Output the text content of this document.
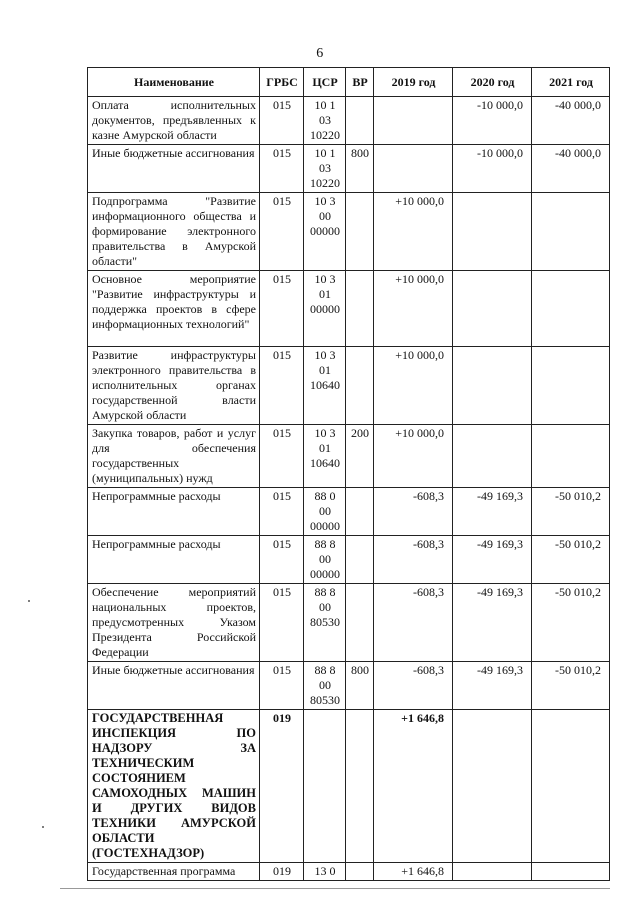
6
Наименование	ГРБС	ЦСР	ВР	2019 год	2020 год	2021 год
Оплата исполнительных документов, предъявленных к казне Амурской области	015	10 1 03 10220			-10 000,0	-40 000,0
Иные бюджетные ассигнования	015	10 1 03 10220	800		-10 000,0	-40 000,0
Подпрограмма "Развитие информационного общества и формирование электронного правительства в Амурской области"	015	10 3 00 00000		+10 000,0		
Основное мероприятие "Развитие инфраструктуры и поддержка проектов в сфере информационных технологий"	015	10 3 01 00000		+10 000,0		
Развитие инфраструктуры электронного правительства в исполнительных органах государственной власти Амурской области	015	10 3 01 10640		+10 000,0		
Закупка товаров, работ и услуг для обеспечения государственных (муниципальных) нужд	015	10 3 01 10640	200	+10 000,0		
Непрограммные расходы	015	88 0 00 00000		-608,3	-49 169,3	-50 010,2
Непрограммные расходы	015	88 8 00 00000		-608,3	-49 169,3	-50 010,2
Обеспечение мероприятий национальных проектов, предусмотренных Указом Президента Российской Федерации	015	88 8 00 80530		-608,3	-49 169,3	-50 010,2
Иные бюджетные ассигнования	015	88 8 00 80530	800	-608,3	-49 169,3	-50 010,2
ГОСУДАРСТВЕННАЯ ИНСПЕКЦИЯ ПО НАДЗОРУ ЗА ТЕХНИЧЕСКИМ СОСТОЯНИЕМ САМОХОДНЫХ МАШИН И ДРУГИХ ВИДОВ ТЕХНИКИ АМУРСКОЙ ОБЛАСТИ (ГОСТЕХНАДЗОР)	019			+1 646,8		
Государственная программа	019	13 0		+1 646,8		
